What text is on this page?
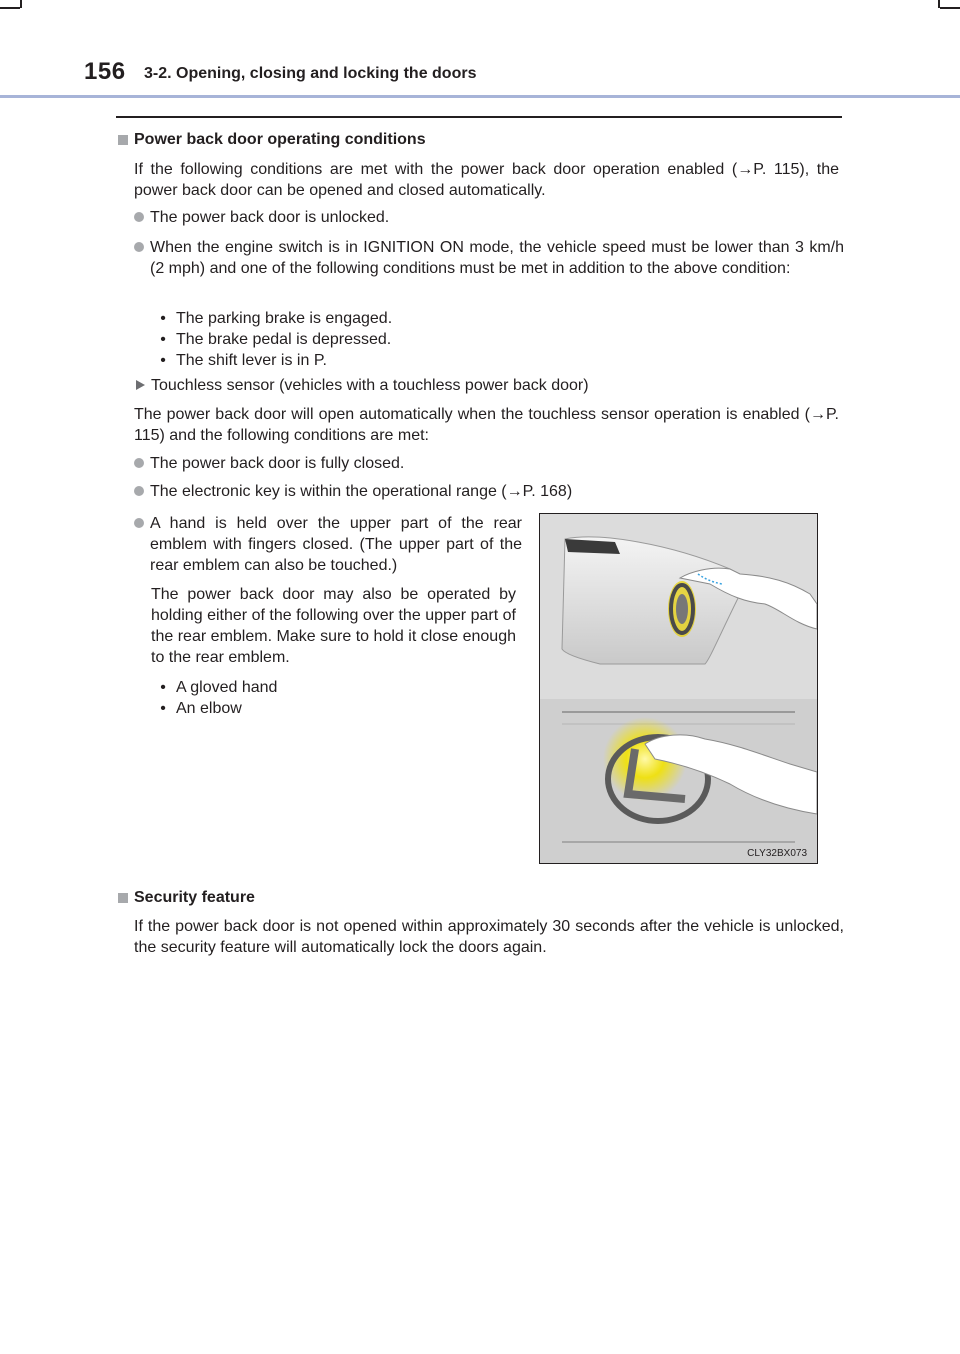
156 3-2. Opening, closing and locking the doors
Power back door operating conditions
If the following conditions are met with the power back door operation enabled (→P. 115), the power back door can be opened and closed automatically.
The power back door is unlocked.
When the engine switch is in IGNITION ON mode, the vehicle speed must be lower than 3 km/h (2 mph) and one of the following conditions must be met in addition to the above condition:
• The parking brake is engaged.
• The brake pedal is depressed.
• The shift lever is in P.
Touchless sensor (vehicles with a touchless power back door)
The power back door will open automatically when the touchless sensor operation is enabled (→P. 115) and the following conditions are met:
The power back door is fully closed.
The electronic key is within the operational range (→P. 168)
A hand is held over the upper part of the rear emblem with fingers closed. (The upper part of the rear emblem can also be touched.)
The power back door may also be operated by holding either of the following over the upper part of the rear emblem. Make sure to hold it close enough to the rear emblem.
• A gloved hand
• An elbow
Security feature
If the power back door is not opened within approximately 30 seconds after the vehicle is unlocked, the security feature will automatically lock the doors again.
CLY32BX073
